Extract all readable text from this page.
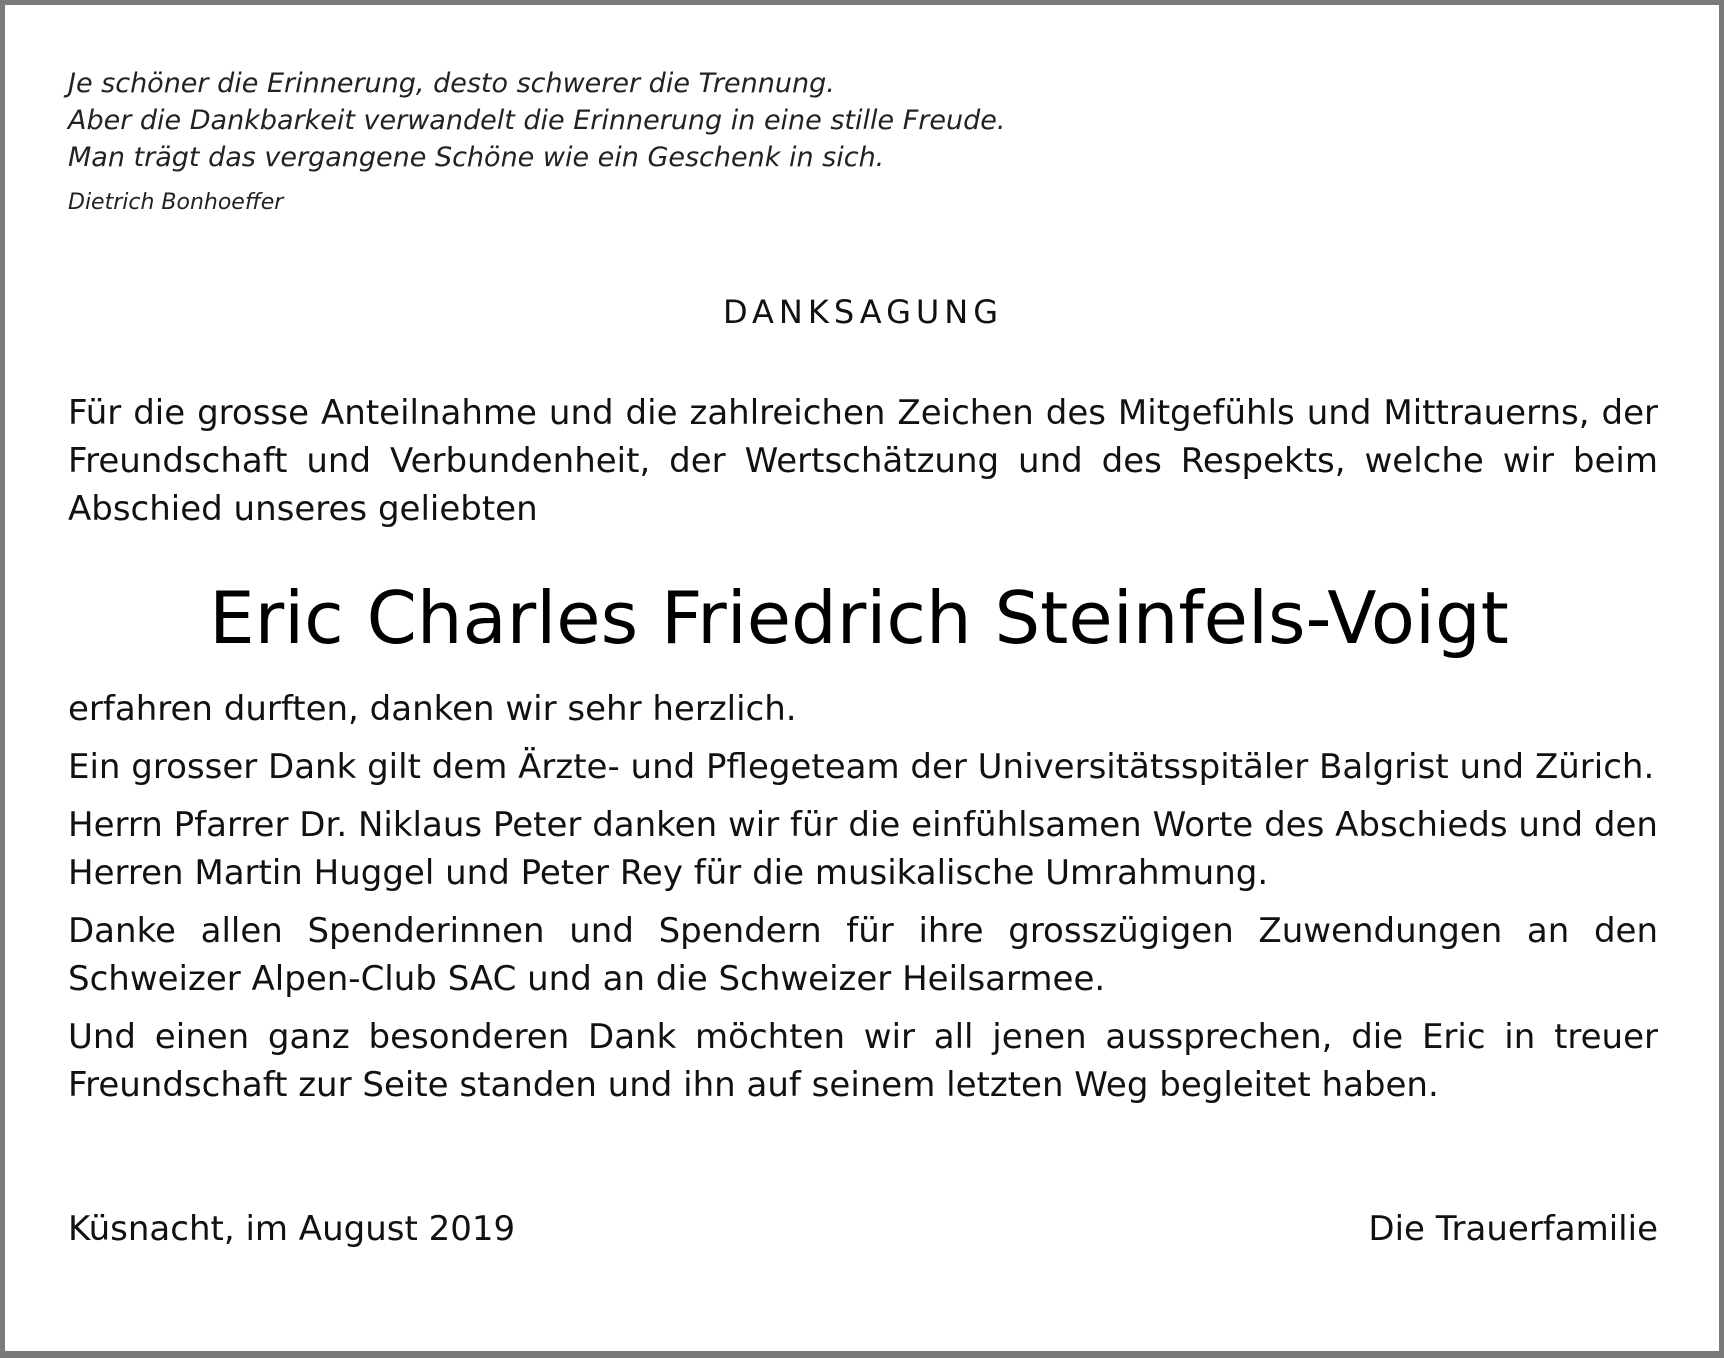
Je schöner die Erinnerung, desto schwerer die Trennung.
Aber die Dankbarkeit verwandelt die Erinnerung in eine stille Freude.
Man trägt das vergangene Schöne wie ein Geschenk in sich.
Dietrich Bonhoeffer
DANKSAGUNG
Für die grosse Anteilnahme und die zahlreichen Zeichen des Mitgefühls und Mittrauerns, der Freundschaft und Verbundenheit, der Wertschätzung und des Respekts, welche wir beim Abschied unseres geliebten
Eric Charles Friedrich Steinfels-Voigt
erfahren durften, danken wir sehr herzlich.
Ein grosser Dank gilt dem Ärzte- und Pflegeteam der Universitätsspitäler Balgrist und Zürich.
Herrn Pfarrer Dr. Niklaus Peter danken wir für die einfühlsamen Worte des Abschieds und den Herren Martin Huggel und Peter Rey für die musikalische Umrahmung.
Danke allen Spenderinnen und Spendern für ihre grosszügigen Zuwendungen an den Schweizer Alpen-Club SAC und an die Schweizer Heilsarmee.
Und einen ganz besonderen Dank möchten wir all jenen aussprechen, die Eric in treuer Freundschaft zur Seite standen und ihn auf seinem letzten Weg begleitet haben.
Küsnacht, im August 2019	Die Trauerfamilie
